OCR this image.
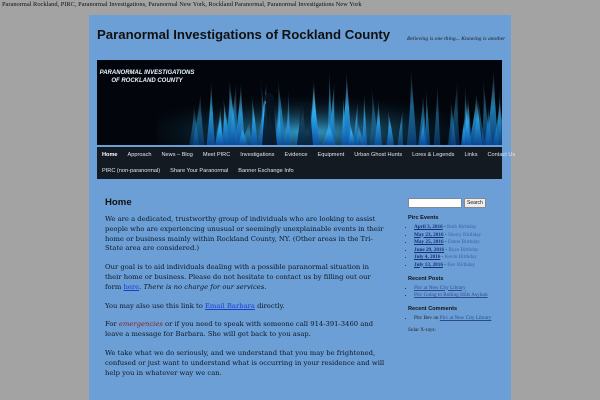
Paranormal Rockland, PIRC, Paranormal Investigations, Paranormal New York, Rockland Paranormal, Paranormal Investigations New York
Paranormal Investigations of Rockland County	Believing is one thing... Knowing is another
PARANORMAL INVESTIGATIONS
OF ROCKLAND COUNTY
Home	Approach	News – Blog	Meet PIRC	Investigations	Evidence	Equipment	Urban Ghost Hunts	Lores & Legends	Links	Contact Us
PIRC (non-paranormal)	Share Your Paranormal	Banner Exchange Info
Home

We are a dedicated, trustworthy group of individuals who are looking to assist people who are experiencing unusual or seemingly unexplainable events in their home or business mainly within Rockland County, NY. (Other areas in the Tri-State area are considered.)

Our goal is to aid individuals dealing with a possible paranormal situation in their home or business. Please do not hesitate to contact us by filling out our form here. There is no charge for our services.

You may also use this link to Email Barbara directly.

For emergencies or if you need to speak with someone call 914-391-3460 and leave a message for Barbara. She will get back to you asap.

We take what we do seriously, and we understand that you may be frightened, confused or just want to understand what is occurring in your residence and will help you in whatever way we can.

Search
Pirc Events
• April 3, 2016 - Barb Birthday
• May 23, 2016 - Sherry Birthday
• May 25, 2016 - Dante Birthday
• June 29, 2016 - Ryan Birthday
• July 4, 2016 - Kevin Birthday
• July 13, 2016 - Bev Birthday
Recent Posts
• Pirc at New City Library
• Pirc Going to Rolling Hills Asylum
Recent Comments
• Pirc Bev on Pirc at New City Library
Solar X-rays:
